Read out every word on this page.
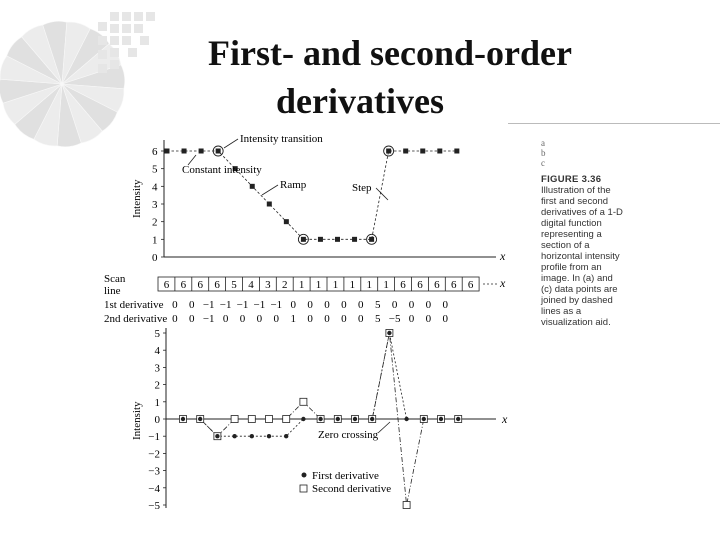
First- and second-order
derivatives
Intensity
x
0
1
2
3
4
5
6
Intensity transition
Constant intensity
Ramp	Step
Scan
line
1st derivative
2nd derivative
x
6 6 6 6 5 4 3 2 1 1 1 1 1 1 6 6 6 6 6
0 0 −1 −1 −1 −1 −1 0 0 0 0 0 5 0 0 0 0
0 0 −1 0 0 0 0 1 0 0 0 0 5 −5 0 0 0
Intensity	x
−5
−4
−3
−2
−1
0
1
2
3
4
5
Zero crossing
First derivative
Second derivative
a
b
c
FIGURE 3.36
Illustration of the first and second derivatives of a 1-D digital function representing a section of a horizontal intensity profile from an image. In (a) and (c) data points are joined by dashed lines as a visualization aid.
